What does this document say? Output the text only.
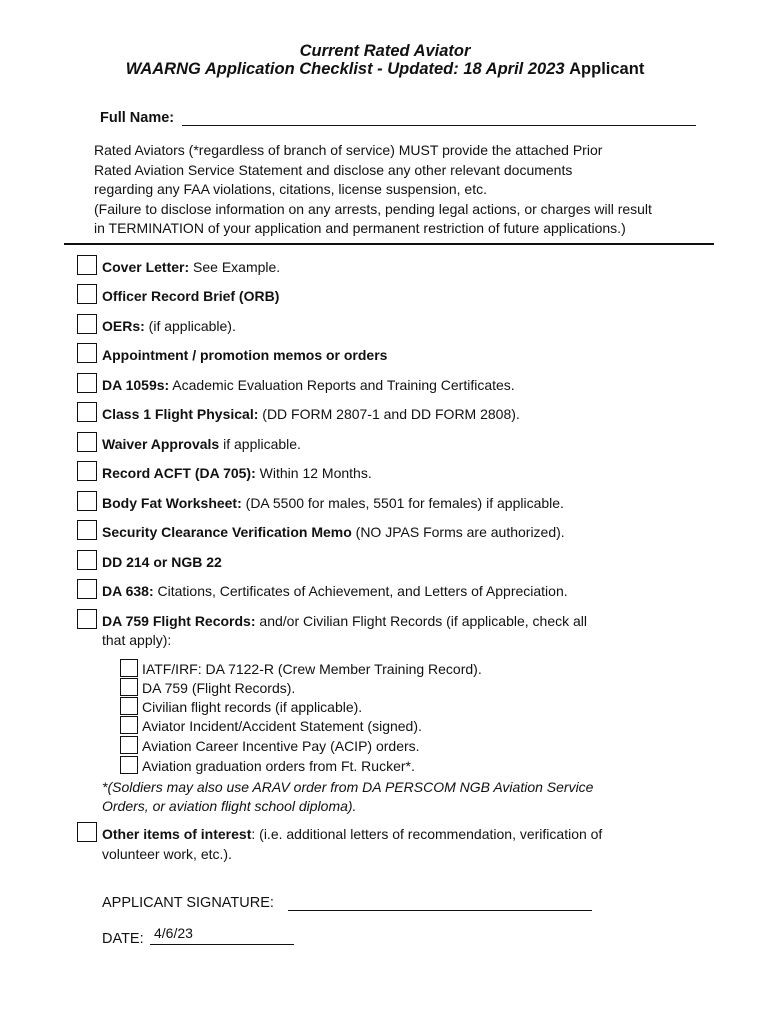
Current Rated Aviator
WAARNG Application Checklist - Updated: 18 April 2023 Applicant
Full Name:
Rated Aviators (*regardless of branch of service) MUST provide the attached Prior
Rated Aviation Service Statement and disclose any other relevant documents
regarding any FAA violations, citations, license suspension, etc.
(Failure to disclose information on any arrests, pending legal actions, or charges will result
in TERMINATION of your application and permanent restriction of future applications.)
Cover Letter: See Example.
Officer Record Brief (ORB)
OERs: (if applicable).
Appointment / promotion memos or orders
DA 1059s: Academic Evaluation Reports and Training Certificates.
Class 1 Flight Physical: (DD FORM 2807-1 and DD FORM 2808).
Waiver Approvals if applicable.
Record ACFT (DA 705): Within 12 Months.
Body Fat Worksheet: (DA 5500 for males, 5501 for females) if applicable.
Security Clearance Verification Memo (NO JPAS Forms are authorized).
DD 214 or NGB 22
DA 638: Citations, Certificates of Achievement, and Letters of Appreciation.
DA 759 Flight Records: and/or Civilian Flight Records (if applicable, check all
that apply):
IATF/IRF: DA 7122-R (Crew Member Training Record).
DA 759 (Flight Records).
Civilian flight records (if applicable).
Aviator Incident/Accident Statement (signed).
Aviation Career Incentive Pay (ACIP) orders.
Aviation graduation orders from Ft. Rucker*.
*(Soldiers may also use ARAV order from DA PERSCOM NGB Aviation Service
Orders, or aviation flight school diploma).
Other items of interest: (i.e. additional letters of recommendation, verification of
volunteer work, etc.).
APPLICANT SIGNATURE:
DATE: 4/6/23
